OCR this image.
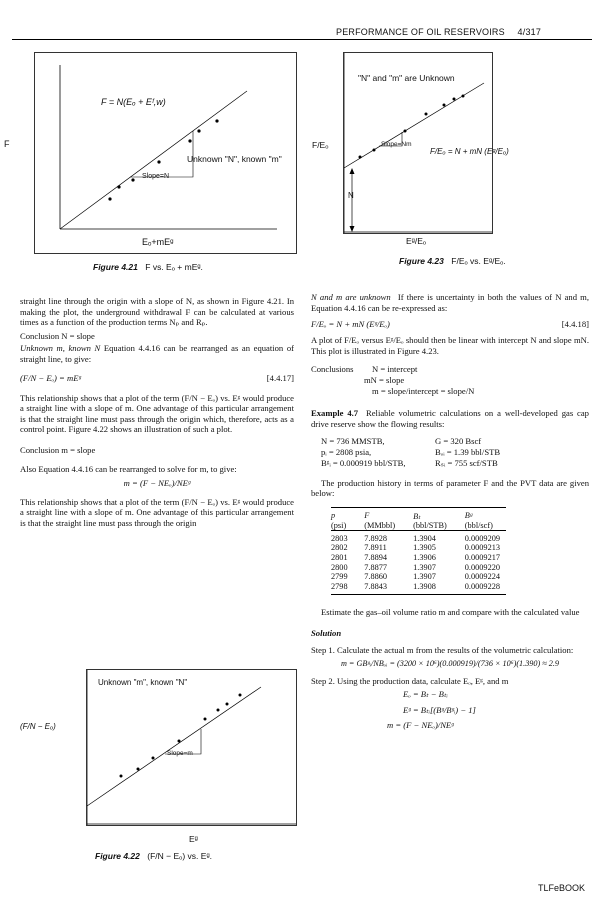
PERFORMANCE OF OIL RESERVOIRS 4/317
F = N(Eₒ + Eᶠ,w)
Unknown "N", known "m"
Slope=N
F
Eₒ+mEᵍ
Figure 4.21 F vs. Eₒ + mEᵍ.
"N" and "m" are Unknown
Slope=Nm
N
F/Eₒ = N + mN (Eᵍ/Eₒ)
F/Eₒ
Eᵍ/Eₒ
Figure 4.23 F/Eₒ vs. Eᵍ/Eₒ.
straight line through the origin with a slope of N, as shown in Figure 4.21. In making the plot, the underground withdrawal F can be calculated at various times as a function of the production terms Nₚ and Rₚ.
Conclusion N = slope
Unknown m, known N Equation 4.4.16 can be rearranged as an equation of straight line, to give:
(F/N − Eₒ) = mEᵍ	[4.4.17]
This relationship shows that a plot of the term (F/N − Eₒ) vs. Eᵍ would produce a straight line with a slope of m. One advantage of this particular arrangement is that the straight line must pass through the origin which, therefore, acts as a control point. Figure 4.22 shows an illustration of such a plot.
Conclusion m = slope
Also Equation 4.4.16 can be rearranged to solve for m, to give:
m = (F − NEₒ)/NEᵍ
This relationship shows that a plot of the term (F/N − Eₒ) vs. Eᵍ would produce a straight line with a slope of m. One advantage of this particular arrangement is that the straight line must pass through the origin
Unknown "m", known "N"
Slope=m
(F/N − Eₒ)
Eᵍ
Figure 4.22 (F/N − Eₒ) vs. Eᵍ.
N and m are unknown If there is uncertainty in both the values of N and m, Equation 4.4.16 can be re-expressed as:
F/Eₒ = N + mN (Eᵍ/Eₒ)	[4.4.18]
A plot of F/Eₒ versus Eᵍ/Eₒ should then be linear with intercept N and slope mN. This plot is illustrated in Figure 4.23.
Conclusions N = intercept
mN = slope
m = slope/intercept = slope/N
Example 4.7 Reliable volumetric calculations on a well-developed gas cap drive reserve show the flowing results:
N = 736 MMSTB,	G = 320 Bscf
pᵢ = 2808 psia,	Bₒᵢ = 1.39 bbl/STB
Bᵍᵢ = 0.000919 bbl/STB,	Rₛᵢ = 755 scf/STB
The production history in terms of parameter F and the PVT data are given below:
p	F	Bₜ	Bᵍ
(psi)	(MMbbl)	(bbl/STB)	(bbl/scf)
2803	7.8928	1.3904	0.0009209
2802	7.8911	1.3905	0.0009213
2801	7.8894	1.3906	0.0009217
2800	7.8877	1.3907	0.0009220
2799	7.8860	1.3907	0.0009224
2798	7.8843	1.3908	0.0009228
Estimate the gas–oil volume ratio m and compare with the calculated value
Solution
Step 1. Calculate the actual m from the results of the volumetric calculation:
m = GBᵍᵢ/NBₒᵢ = (3200 × 10⁶)(0.000919)/(736 × 10⁶)(1.390) ≈ 2.9
Step 2. Using the production data, calculate Eₒ, Eᵍ, and m
Eₒ = Bₜ − Bₜᵢ
Eᵍ = Bₜᵢ[(Bᵍ/Bᵍᵢ) − 1]
m = (F − NEₒ)/NEᵍ
TLFeBOOK
